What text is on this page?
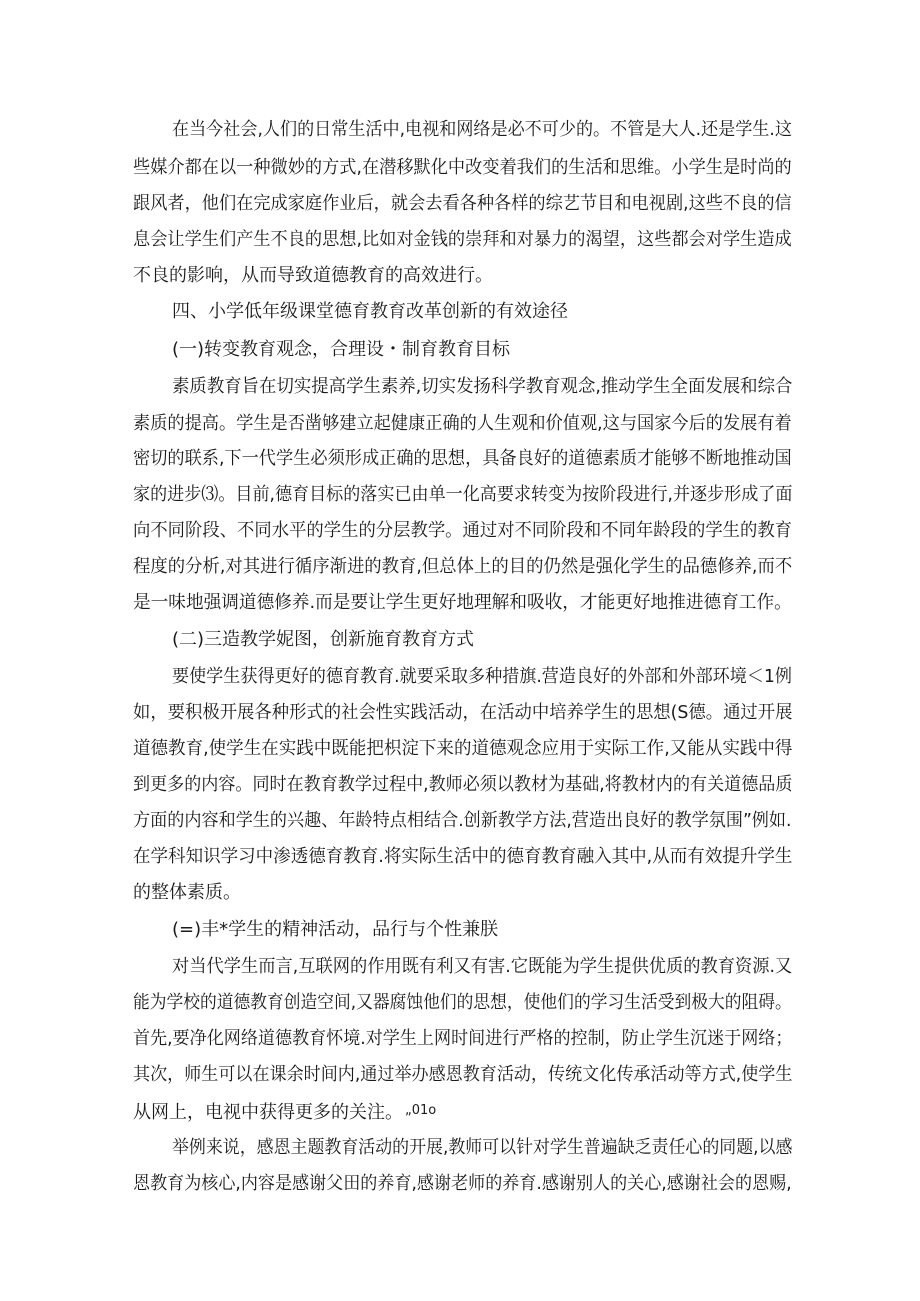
在当今社会,人们的日常生活中,电视和网络是必不可少的。不管是大人.还是学生.这
些媒介都在以一种微妙的方式,在潜移默化中改变着我们的生活和思维。小学生是时尚的
跟风者，他们在完成家庭作业后，就会去看各种各样的综艺节目和电视剧,这些不良的信
息会让学生们产生不良的思想,比如对金钱的崇拜和对暴力的渴望，这些都会对学生造成
不良的影响，从而导致道德教育的高效进行。
四、小学低年级课堂德育教育改革创新的有效途径
(一)转变教育观念，合理设・制育教育目标
素质教育旨在切实提高学生素养,切实发扬科学教育观念,推动学生全面发展和综合
素质的提高。学生是否凿够建立起健康正确的人生观和价值观,这与国家今后的发展有着
密切的联系,下一代学生必须形成正确的思想，具备良好的道德素质才能够不断地推动国
家的进步⑶。目前,德育目标的落实已由单一化高要求转变为按阶段进行,并逐步形成了面
向不同阶段、不同水平的学生的分层教学。通过对不同阶段和不同年龄段的学生的教育
程度的分析,对其进行循序渐进的教育,但总体上的目的仍然是强化学生的品德修养,而不
是一味地强调道德修养.而是要让学生更好地理解和吸收，才能更好地推进德育工作。
(二)三造教学妮图，创新施育教育方式
要使学生获得更好的德育教育.就要采取多种措旗.营造良好的外部和外部环境＜1例
如，要积极开展各种形式的社会性实践活动，在活动中培养学生的思想(S德。通过开展
道德教育,使学生在实践中既能把枳淀下来的道德观念应用于实际工作,又能从实践中得
到更多的内容。同时在教育教学过程中,教师必须以教材为基础,将教材内的有关道德品质
方面的内容和学生的兴趣、年龄特点相结合.创新教学方法,营造出良好的教学氛围”例如.
在学科知识学习中渗透德育教育.将实际生活中的德育教育融入其中,从而有效提升学生
的整体素质。
(=)丰*学生的精神活动，品行与个性兼朕
对当代学生而言,互联网的作用既有利又有害.它既能为学生提供优质的教育资源.又
能为学校的道德教育创造空间,又器腐蚀他们的思想，使他们的学习生活受到极大的阻碍。
首先,要净化网络道德教育怀境.对学生上网时间进行严格的控制，防止学生沉迷于网络；
其次，师生可以在课余时间内,通过举办感恩教育活动，传统文化传承活动等方式,使学生
从网上，电视中获得更多的关注。 $^{„01o}$
举例来说，感恩主题教育活动的开展,教师可以针对学生普遍缺乏责任心的同题,以感
恩教育为核心,内容是感谢父田的养育,感谢老师的养育.感谢别人的关心,感谢社会的恩赐,
